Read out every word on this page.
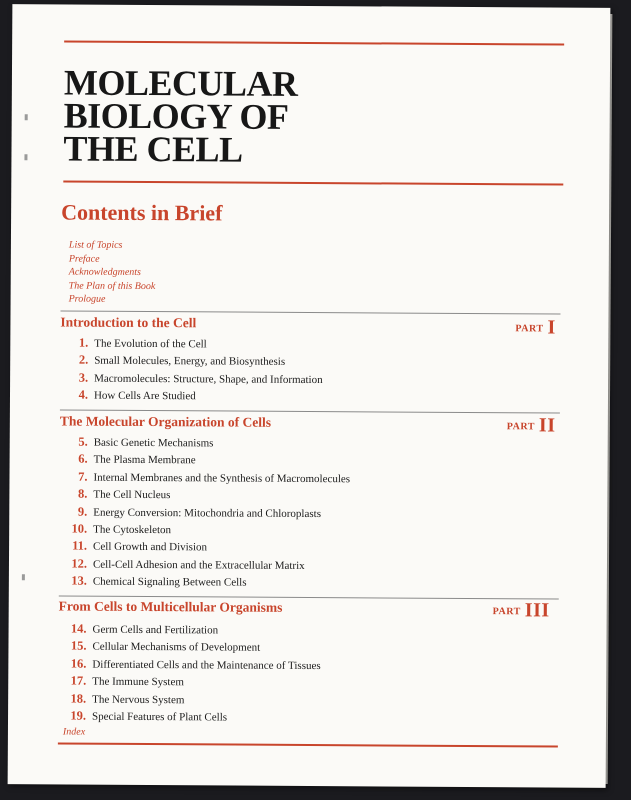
MOLECULAR
BIOLOGY OF
THE CELL
Contents in Brief
List of Topics
Preface
Acknowledgments
The Plan of this Book
Prologue
Introduction to the Cell	PART I
1. The Evolution of the Cell
2. Small Molecules, Energy, and Biosynthesis
3. Macromolecules: Structure, Shape, and Information
4. How Cells Are Studied
The Molecular Organization of Cells	PART II
5. Basic Genetic Mechanisms
6. The Plasma Membrane
7. Internal Membranes and the Synthesis of Macromolecules
8. The Cell Nucleus
9. Energy Conversion: Mitochondria and Chloroplasts
10. The Cytoskeleton
11. Cell Growth and Division
12. Cell-Cell Adhesion and the Extracellular Matrix
13. Chemical Signaling Between Cells
From Cells to Multicellular Organisms	PART III
14. Germ Cells and Fertilization
15. Cellular Mechanisms of Development
16. Differentiated Cells and the Maintenance of Tissues
17. The Immune System
18. The Nervous System
19. Special Features of Plant Cells
Index
